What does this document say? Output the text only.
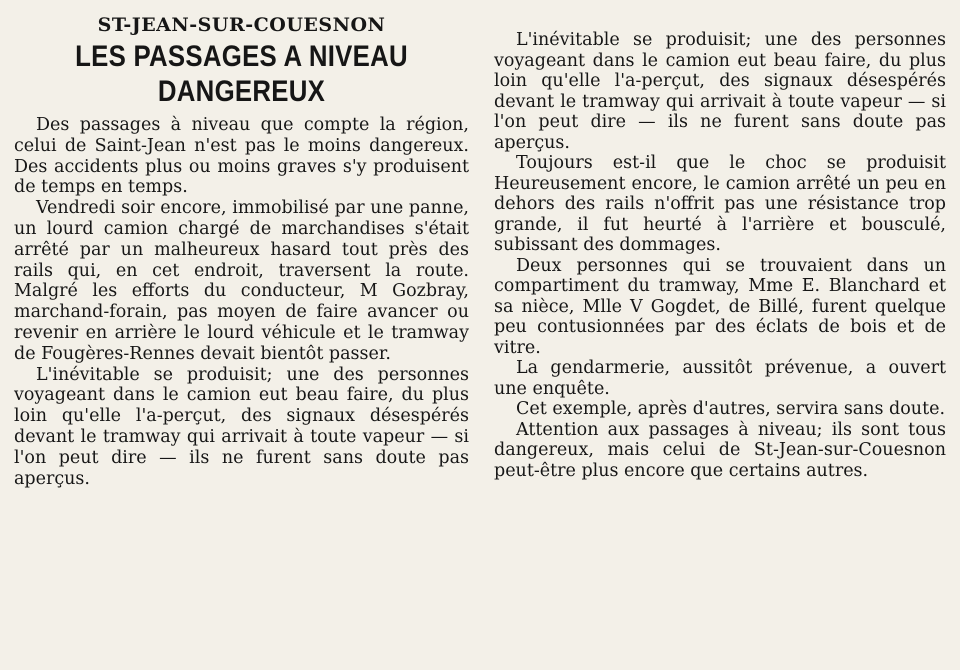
ST-JEAN-SUR-COUESNON
LES PASSAGES A NIVEAU DANGEREUX

Des passages à niveau que compte la région, celui de Saint-Jean n'est pas le moins dangereux. Des accidents plus ou moins graves s'y produisent de temps en temps.

Vendredi soir encore, immobilisé par une panne, un lourd camion chargé de marchandises s'était arrêté par un malheureux hasard tout près des rails qui, en cet endroit, traversent la route. Malgré les efforts du conducteur, M Gozbray, marchand-forain, pas moyen de faire avancer ou revenir en arrière le lourd véhicule et le tramway de Fougères-Rennes devait bientôt passer.

L'inévitable se produisit; une des personnes voyageant dans le camion eut beau faire, du plus loin qu'elle l'a-perçut, des signaux désespérés devant le tramway qui arrivait à toute vapeur — si l'on peut dire — ils ne furent sans doute pas aperçus.

L'inévitable se produisit; une des personnes voyageant dans le camion eut beau faire, du plus loin qu'elle l'a-perçut, des signaux désespérés devant le tramway qui arrivait à toute vapeur — si l'on peut dire — ils ne furent sans doute pas aperçus.

Toujours est-il que le choc se produisit Heureusement encore, le camion arrêté un peu en dehors des rails n'offrit pas une résistance trop grande, il fut heurté à l'arrière et bousculé, subissant des dommages.

Deux personnes qui se trouvaient dans un compartiment du tramway, Mme E. Blanchard et sa nièce, Mlle V Gogdet, de Billé, furent quelque peu contusionnées par des éclats de bois et de vitre.

La gendarmerie, aussitôt prévenue, a ouvert une enquête.

Cet exemple, après d'autres, servira sans doute.

Attention aux passages à niveau; ils sont tous dangereux, mais celui de St-Jean-sur-Couesnon peut-être plus encore que certains autres.
